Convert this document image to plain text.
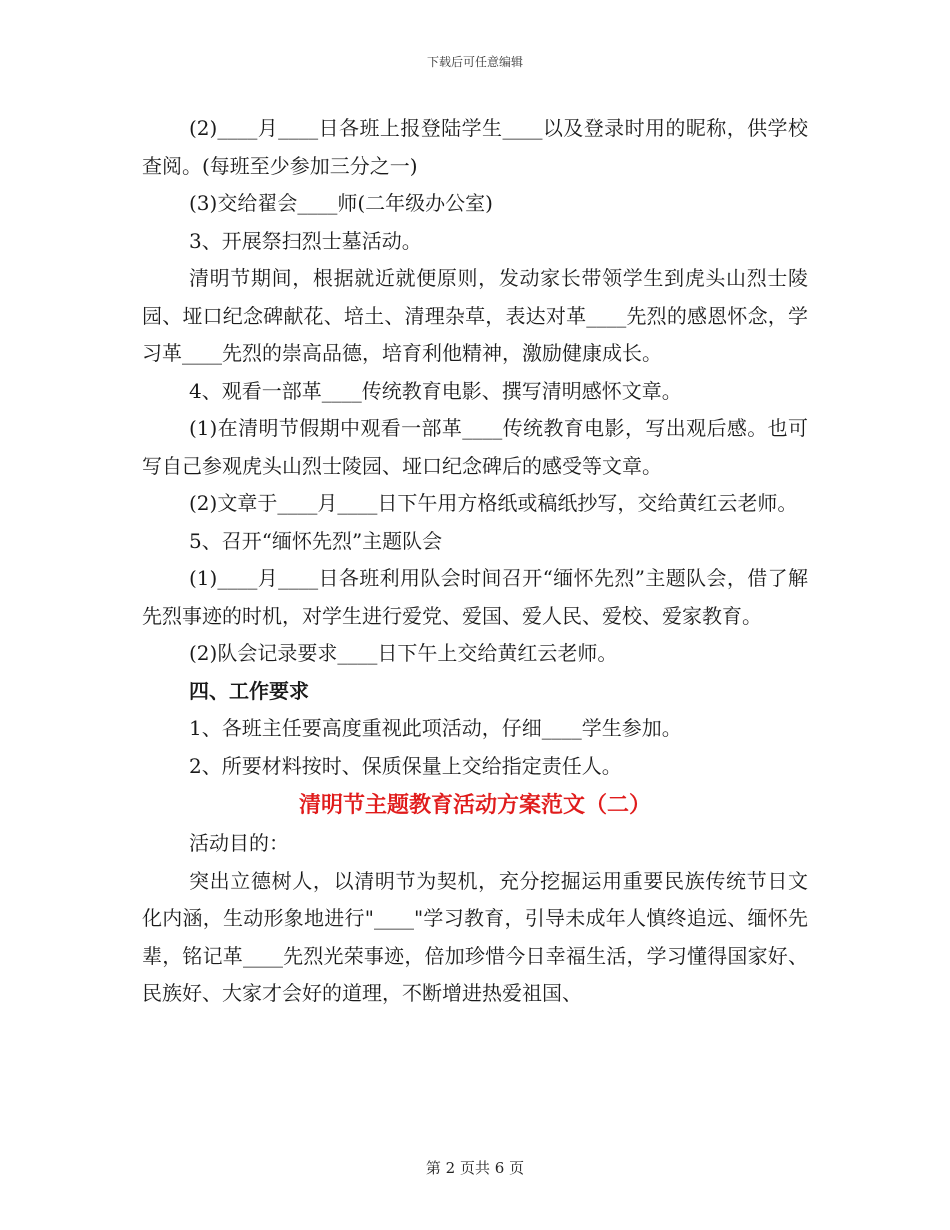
下载后可任意编辑

(2)____月____日各班上报登陆学生____以及登录时用的昵称，供学校查阅。(每班至少参加三分之一)

(3)交给翟会____师(二年级办公室)

3、开展祭扫烈士墓活动。

清明节期间，根据就近就便原则，发动家长带领学生到虎头山烈士陵园、垭口纪念碑献花、培土、清理杂草，表达对革____先烈的感恩怀念，学习革____先烈的崇高品德，培育利他精神，激励健康成长。

4、观看一部革____传统教育电影、撰写清明感怀文章。

(1)在清明节假期中观看一部革____传统教育电影，写出观后感。也可写自己参观虎头山烈士陵园、垭口纪念碑后的感受等文章。

(2)文章于____月____日下午用方格纸或稿纸抄写，交给黄红云老师。

5、召开“缅怀先烈”主题队会

(1)____月____日各班利用队会时间召开“缅怀先烈”主题队会，借了解先烈事迹的时机，对学生进行爱党、爱国、爱人民、爱校、爱家教育。

(2)队会记录要求____日下午上交给黄红云老师。

四、工作要求

1、各班主任要高度重视此项活动，仔细____学生参加。

2、所要材料按时、保质保量上交给指定责任人。

清明节主题教育活动方案范文（二）

活动目的：

突出立德树人，以清明节为契机，充分挖掘运用重要民族传统节日文化内涵，生动形象地进行"____"学习教育，引导未成年人慎终追远、缅怀先辈，铭记革____先烈光荣事迹，倍加珍惜今日幸福生活，学习懂得国家好、民族好、大家才会好的道理，不断增进热爱祖国、

第 2 页共 6 页
